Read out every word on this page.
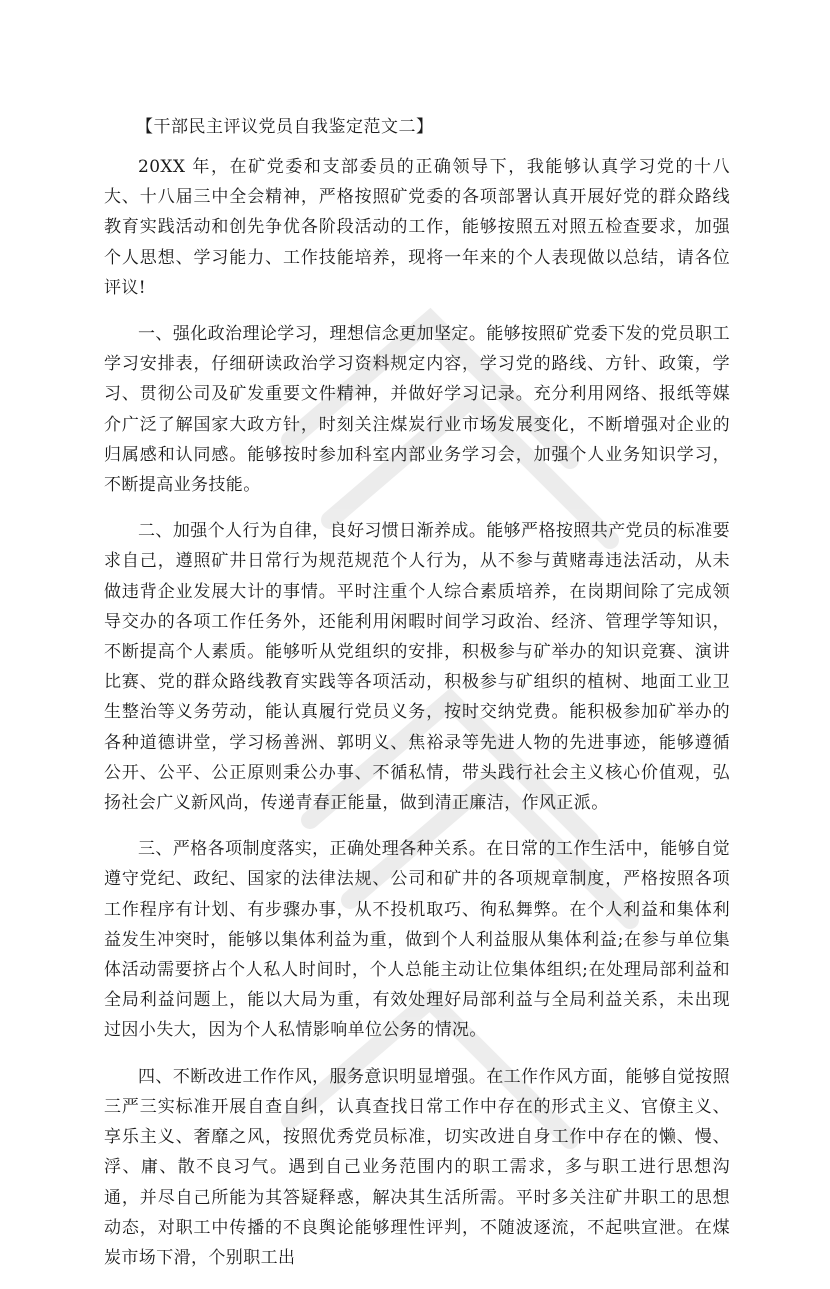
【干部民主评议党员自我鉴定范文二】

20XX 年，在矿党委和支部委员的正确领导下，我能够认真学习党的十八大、十八届三中全会精神，严格按照矿党委的各项部署认真开展好党的群众路线教育实践活动和创先争优各阶段活动的工作，能够按照五对照五检查要求，加强个人思想、学习能力、工作技能培养，现将一年来的个人表现做以总结，请各位评议!

一、强化政治理论学习，理想信念更加坚定。能够按照矿党委下发的党员职工学习安排表，仔细研读政治学习资料规定内容，学习党的路线、方针、政策，学习、贯彻公司及矿发重要文件精神，并做好学习记录。充分利用网络、报纸等媒介广泛了解国家大政方针，时刻关注煤炭行业市场发展变化，不断增强对企业的归属感和认同感。能够按时参加科室内部业务学习会，加强个人业务知识学习，不断提高业务技能。

二、加强个人行为自律，良好习惯日渐养成。能够严格按照共产党员的标准要求自己，遵照矿井日常行为规范规范个人行为，从不参与黄赌毒违法活动，从未做违背企业发展大计的事情。平时注重个人综合素质培养，在岗期间除了完成领导交办的各项工作任务外，还能利用闲暇时间学习政治、经济、管理学等知识，不断提高个人素质。能够听从党组织的安排，积极参与矿举办的知识竞赛、演讲比赛、党的群众路线教育实践等各项活动，积极参与矿组织的植树、地面工业卫生整治等义务劳动，能认真履行党员义务，按时交纳党费。能积极参加矿举办的各种道德讲堂，学习杨善洲、郭明义、焦裕录等先进人物的先进事迹，能够遵循公开、公平、公正原则秉公办事、不循私情，带头践行社会主义核心价值观，弘扬社会广义新风尚，传递青春正能量，做到清正廉洁，作风正派。

三、严格各项制度落实，正确处理各种关系。在日常的工作生活中，能够自觉遵守党纪、政纪、国家的法律法规、公司和矿井的各项规章制度，严格按照各项工作程序有计划、有步骤办事，从不投机取巧、徇私舞弊。在个人利益和集体利益发生冲突时，能够以集体利益为重，做到个人利益服从集体利益;在参与单位集体活动需要挤占个人私人时间时，个人总能主动让位集体组织;在处理局部利益和全局利益问题上，能以大局为重，有效处理好局部利益与全局利益关系，未出现过因小失大，因为个人私情影响单位公务的情况。

四、不断改进工作作风，服务意识明显增强。在工作作风方面，能够自觉按照三严三实标准开展自查自纠，认真查找日常工作中存在的形式主义、官僚主义、享乐主义、奢靡之风，按照优秀党员标准，切实改进自身工作中存在的懒、慢、浮、庸、散不良习气。遇到自己业务范围内的职工需求，多与职工进行思想沟通，并尽自己所能为其答疑释惑，解决其生活所需。平时多关注矿井职工的思想动态，对职工中传播的不良舆论能够理性评判，不随波逐流，不起哄宣泄。在煤炭市场下滑，个别职工出
